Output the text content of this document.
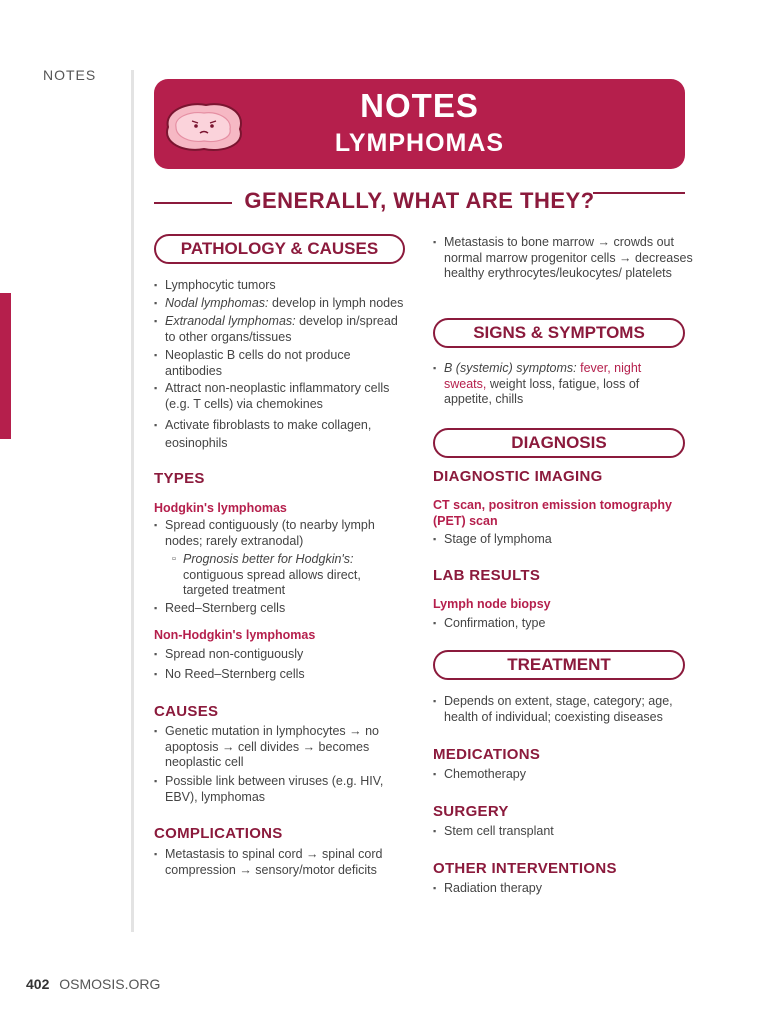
NOTES
NOTES
LYMPHOMAS
GENERALLY, WHAT ARE THEY?
PATHOLOGY & CAUSES
▪ Lymphocytic tumors
▪ Nodal lymphomas: develop in lymph nodes
▪ Extranodal lymphomas: develop in/spread to other organs/tissues
▪ Neoplastic B cells do not produce antibodies
▪ Attract non-neoplastic inflammatory cells (e.g. T cells) via chemokines
▪ Activate fibroblasts to make collagen, eosinophils
TYPES
Hodgkin's lymphomas
▪ Spread contiguously (to nearby lymph nodes; rarely extranodal)
▫ Prognosis better for Hodgkin's: contiguous spread allows direct, targeted treatment
▪ Reed–Sternberg cells
Non-Hodgkin's lymphomas
▪ Spread non-contiguously
▪ No Reed–Sternberg cells
CAUSES
▪ Genetic mutation in lymphocytes → no apoptosis → cell divides → becomes neoplastic cell
▪ Possible link between viruses (e.g. HIV, EBV), lymphomas
COMPLICATIONS
▪ Metastasis to spinal cord → spinal cord compression → sensory/motor deficits
▪ Metastasis to bone marrow → crowds out normal marrow progenitor cells → decreases healthy erythrocytes/leukocytes/ platelets
SIGNS & SYMPTOMS
▪ B (systemic) symptoms: fever, night sweats, weight loss, fatigue, loss of appetite, chills
DIAGNOSIS
DIAGNOSTIC IMAGING
CT scan, positron emission tomography (PET) scan
▪ Stage of lymphoma
LAB RESULTS
Lymph node biopsy
▪ Confirmation, type
TREATMENT
▪ Depends on extent, stage, category; age, health of individual; coexisting diseases
MEDICATIONS
▪ Chemotherapy
SURGERY
▪ Stem cell transplant
OTHER INTERVENTIONS
▪ Radiation therapy
402 OSMOSIS.ORG
